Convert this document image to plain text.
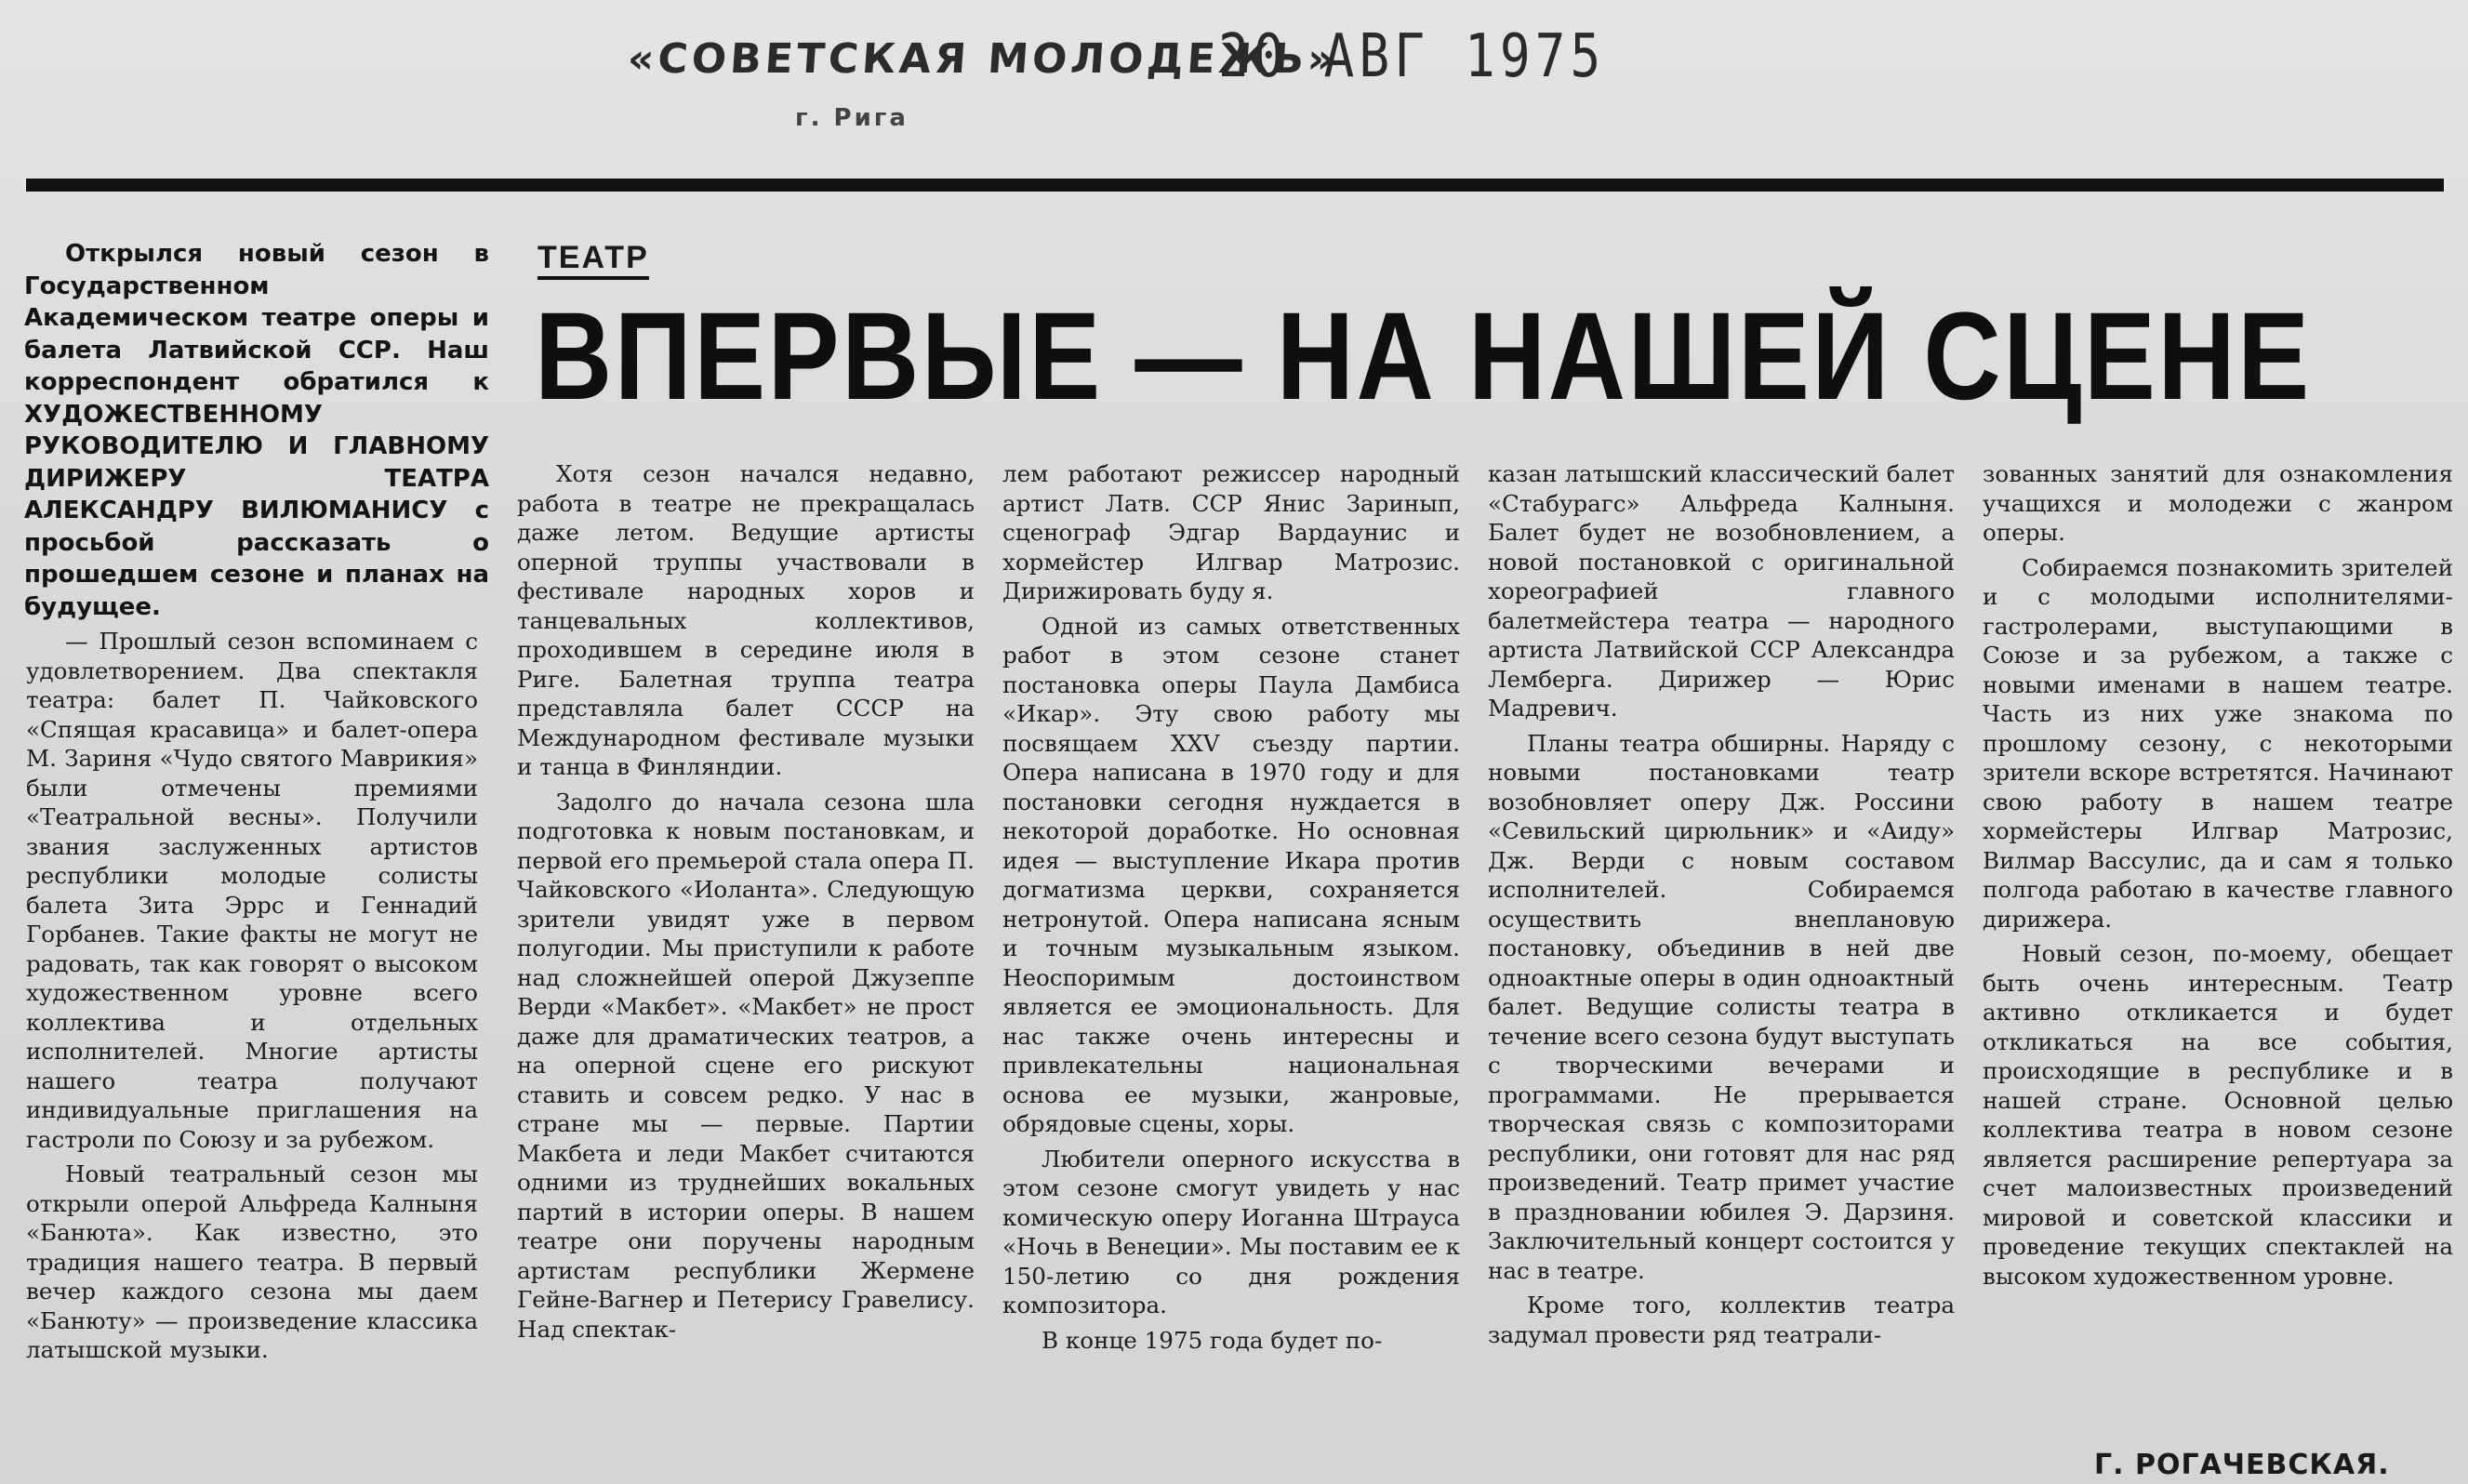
«СОВЕТСКАЯ МОЛОДЕЖЬ»
20 АВГ 1975
г. Рига
Открылся новый сезон в Государственном Академическом театре оперы и балета Латвийской ССР. Наш корреспондент обратился к ХУДОЖЕСТВЕННОМУ РУКОВОДИТЕЛЮ И ГЛАВНОМУ ДИРИЖЕРУ ТЕАТРА АЛЕКСАНДРУ ВИЛЮМАНИСУ с просьбой рассказать о прошедшем сезоне и планах на будущее.
ТЕАТР
ВПЕРВЫЕ — НА НАШЕЙ СЦЕНЕ

— Прошлый сезон вспоминаем с удовлетворением. Два спектакля театра: балет П. Чайковского «Спящая красавица» и балет-опера М. Зариня «Чудо святого Маврикия» были отмечены премиями «Театральной весны». Получили звания заслуженных артистов республики молодые солисты балета Зита Эррс и Геннадий Горбанев. Такие факты не могут не радовать, так как говорят о высоком художественном уровне всего коллектива и отдельных исполнителей. Многие артисты нашего театра получают индивидуальные приглашения на гастроли по Союзу и за рубежом.

Новый театральный сезон мы открыли оперой Альфреда Калныня «Банюта». Как известно, это традиция нашего театра. В первый вечер каждого сезона мы даем «Банюту» — произведение классика латышской музыки.

Хотя сезон начался недавно, работа в театре не прекращалась даже летом. Ведущие артисты оперной труппы участвовали в фестивале народных хоров и танцевальных коллективов, проходившем в середине июля в Риге. Балетная труппа театра представляла балет СССР на Международном фестивале музыки и танца в Финляндии.

Задолго до начала сезона шла подготовка к новым постановкам, и первой его премьерой стала опера П. Чайковского «Иоланта». Следующую зрители увидят уже в первом полугодии. Мы приступили к работе над сложнейшей оперой Джузеппе Верди «Макбет». «Макбет» не прост даже для драматических театров, а на оперной сцене его рискуют ставить и совсем редко. У нас в стране мы — первые. Партии Макбета и леди Макбет считаются одними из труднейших вокальных партий в истории оперы. В нашем театре они поручены народным артистам республики Жермене Гейне-Вагнер и Петерису Гравелису. Над спектак-

лем работают режиссер народный артист Латв. ССР Янис Заринып, сценограф Эдгар Вардаунис и хормейстер Илгвар Матрозис. Дирижировать буду я.

Одной из самых ответственных работ в этом сезоне станет постановка оперы Паула Дамбиса «Икар». Эту свою работу мы посвящаем XXV съезду партии. Опера написана в 1970 году и для постановки сегодня нуждается в некоторой доработке. Но основная идея — выступление Икара против догматизма церкви, сохраняется нетронутой. Опера написана ясным и точным музыкальным языком. Неоспоримым достоинством является ее эмоциональность. Для нас также очень интересны и привлекательны национальная основа ее музыки, жанровые, обрядовые сцены, хоры.

Любители оперного искусства в этом сезоне смогут увидеть у нас комическую оперу Иоганна Штрауса «Ночь в Венеции». Мы поставим ее к 150-летию со дня рождения композитора.

В конце 1975 года будет по-

казан латышский классический балет «Стабурагс» Альфреда Калныня. Балет будет не возобновлением, а новой постановкой с оригинальной хореографией главного балетмейстера театра — народного артиста Латвийской ССР Александра Лемберга. Дирижер — Юрис Мадревич.

Планы театра обширны. Наряду с новыми постановками театр возобновляет оперу Дж. Россини «Севильский цирюльник» и «Аиду» Дж. Верди с новым составом исполнителей. Собираемся осуществить внеплановую постановку, объединив в ней две одноактные оперы в один одноактный балет. Ведущие солисты театра в течение всего сезона будут выступать с творческими вечерами и программами. Не прерывается творческая связь с композиторами республики, они готовят для нас ряд произведений. Театр примет участие в праздновании юбилея Э. Дарзиня. Заключительный концерт состоится у нас в театре.

Кроме того, коллектив театра задумал провести ряд театрали-

зованных занятий для ознакомления учащихся и молодежи с жанром оперы.

Собираемся познакомить зрителей и с молодыми исполнителями-гастролерами, выступающими в Союзе и за рубежом, а также с новыми именами в нашем театре. Часть из них уже знакома по прошлому сезону, с некоторыми зрители вскоре встретятся. Начинают свою работу в нашем театре хормейстеры Илгвар Матрозис, Вилмар Вассулис, да и сам я только полгода работаю в качестве главного дирижера.

Новый сезон, по-моему, обещает быть очень интересным. Театр активно откликается и будет откликаться на все события, происходящие в республике и в нашей стране. Основной целью коллектива театра в новом сезоне является расширение репертуара за счет малоизвестных произведений мировой и советской классики и проведение текущих спектаклей на высоком художественном уровне.

Г. РОГАЧЕВСКАЯ.
